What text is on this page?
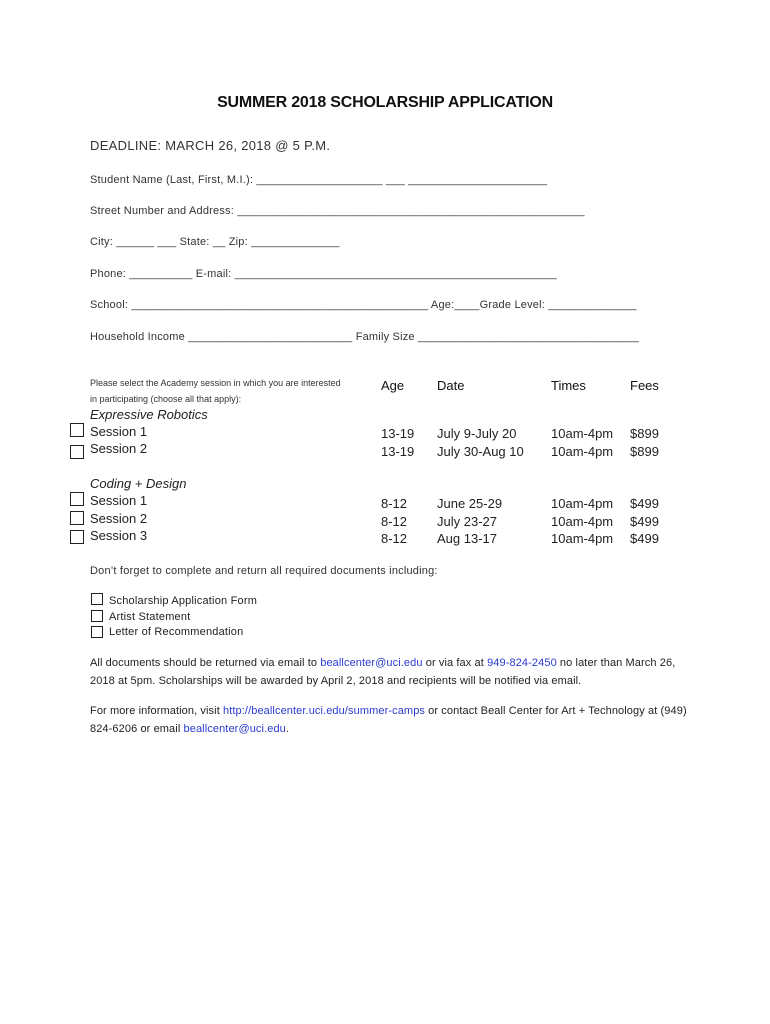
SUMMER 2018 SCHOLARSHIP APPLICATION
DEADLINE: MARCH 26, 2018 @ 5 P.M.
Student Name (Last, First, M.I.): ____________________ ___ ______________________
Street Number and Address: _______________________________________________________
City: ______ ___ State: __ Zip: ______________
Phone: __________ E-mail: ___________________________________________________
School: _______________________________________________ Age:____Grade Level: ______________
Household Income __________________________ Family Size ___________________________________
Please select the Academy session in which you are interested
in participating (choose all that apply):
Age	Date	Times	Fees
Expressive Robotics
Session 1	13-19 July 9-July 20	10am-4pm $899
Session 2	13-19 July 30-Aug 10 10am-4pm $899
Coding + Design
Session 1	8-12 June 25-29	10am-4pm $499
Session 2	8-12 July 23-27	10am-4pm $499
Session 3	8-12 Aug 13-17	10am-4pm $499
Don’t forget to complete and return all required documents including:
Scholarship Application Form
Artist Statement
Letter of Recommendation
All documents should be returned via email to beallcenter@uci.edu or via fax at 949-824-2450 no later than March 26, 2018 at 5pm. Scholarships will be awarded by April 2, 2018 and recipients will be notified via email.
For more information, visit http://beallcenter.uci.edu/summer-camps or contact Beall Center for Art + Technology at (949) 824-6206 or email beallcenter@uci.edu.
